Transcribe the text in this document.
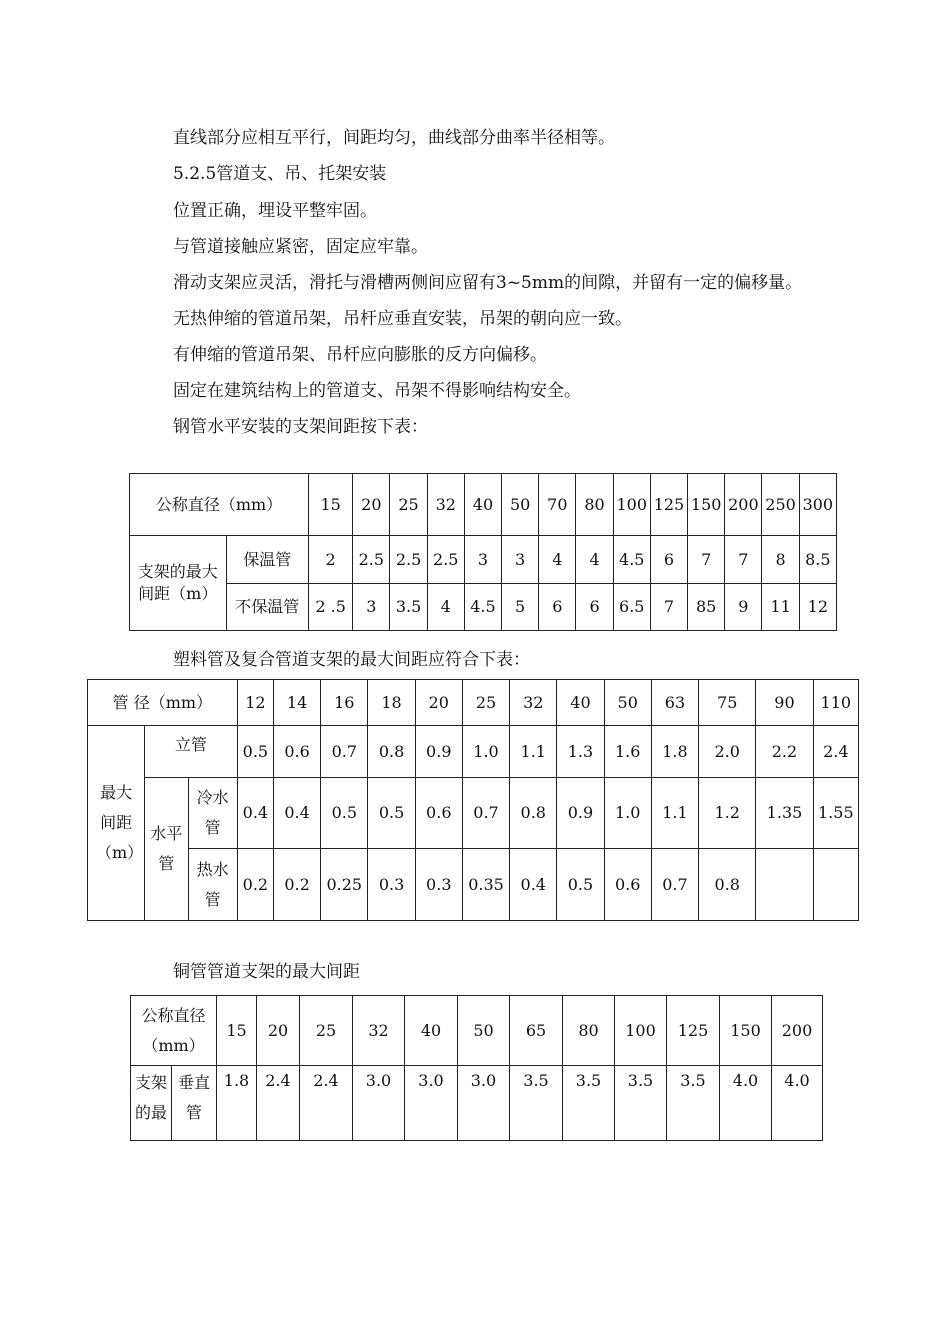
直线部分应相互平行，间距均匀，曲线部分曲率半径相等。
5.2.5管道支、吊、托架安装
位置正确，埋设平整牢固。
与管道接触应紧密，固定应牢靠。
滑动支架应灵活，滑托与滑槽两侧间应留有3~5mm的间隙，并留有一定的偏移量。
无热伸缩的管道吊架，吊杆应垂直安装，吊架的朝向应一致。
有伸缩的管道吊架、吊杆应向膨胀的反方向偏移。
固定在建筑结构上的管道支、吊架不得影响结构安全。
钢管水平安装的支架间距按下表：
公称直径（mm）		15	20	25	32	40	50	70	80	100	125	150	200	250	300
支架的最大间距（m）	保温管	2	2.5	2.5	2.5	3	3	4	4	4.5	6	7	7	8	8.5
	不保温管	2 .5	3	3.5	4	4.5	5	6	6	6.5	7	85	9	11	12
塑料管及复合管道支架的最大间距应符合下表：
管 径（mm）			12	14	16	18	20	25	32	40	50	63	75	90	110
最大间距（m）	立管		0.5	0.6	0.7	0.8	0.9	1.0	1.1	1.3	1.6	1.8	2.0	2.2	2.4
	水平管	冷水管	0.4	0.4	0.5	0.5	0.6	0.7	0.8	0.9	1.0	1.1	1.2	1.35	1.55
		热水管	0.2	0.2	0.25	0.3	0.3	0.35	0.4	0.5	0.6	0.7	0.8		
铜管管道支架的最大间距
公称直径（mm）		15	20	25	32	40	50	65	80	100	125	150	200
支架的最	垂直管	1.8	2.4	2.4	3.0	3.0	3.0	3.5	3.5	3.5	3.5	4.0	4.0
